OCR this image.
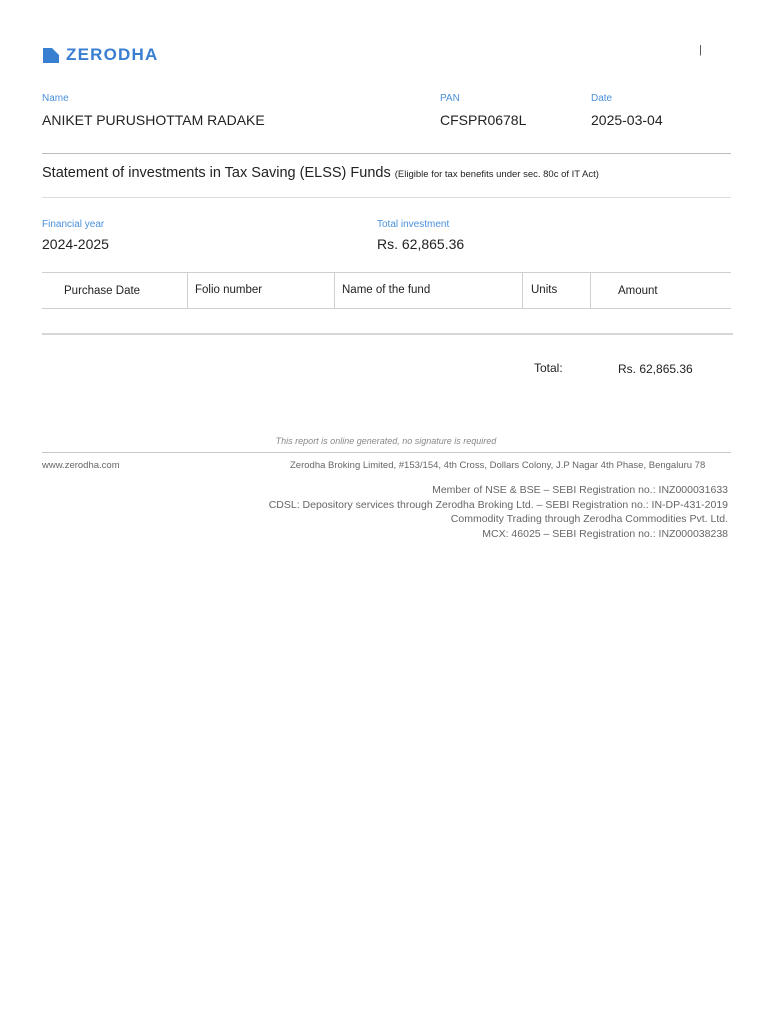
ZERODHA	|
Name
ANIKET PURUSHOTTAM RADAKE
PAN
CFSPR0678L
Date
2025-03-04
Statement of investments in Tax Saving (ELSS) Funds (Eligible for tax benefits under sec. 80c of IT Act)
Financial year
2024-2025
Total investment
Rs. 62,865.36
Purchase Date	Folio number	Name of the fund	Units	Amount
Total:	Rs. 62,865.36
This report is online generated, no signature is required
www.zerodha.com	Zerodha Broking Limited, #153/154, 4th Cross, Dollars Colony, J.P Nagar 4th Phase, Bengaluru 78
Member of NSE & BSE – SEBI Registration no.: INZ000031633
CDSL: Depository services through Zerodha Broking Ltd. – SEBI Registration no.: IN-DP-431-2019
Commodity Trading through Zerodha Commodities Pvt. Ltd.
MCX: 46025 – SEBI Registration no.: INZ000038238
